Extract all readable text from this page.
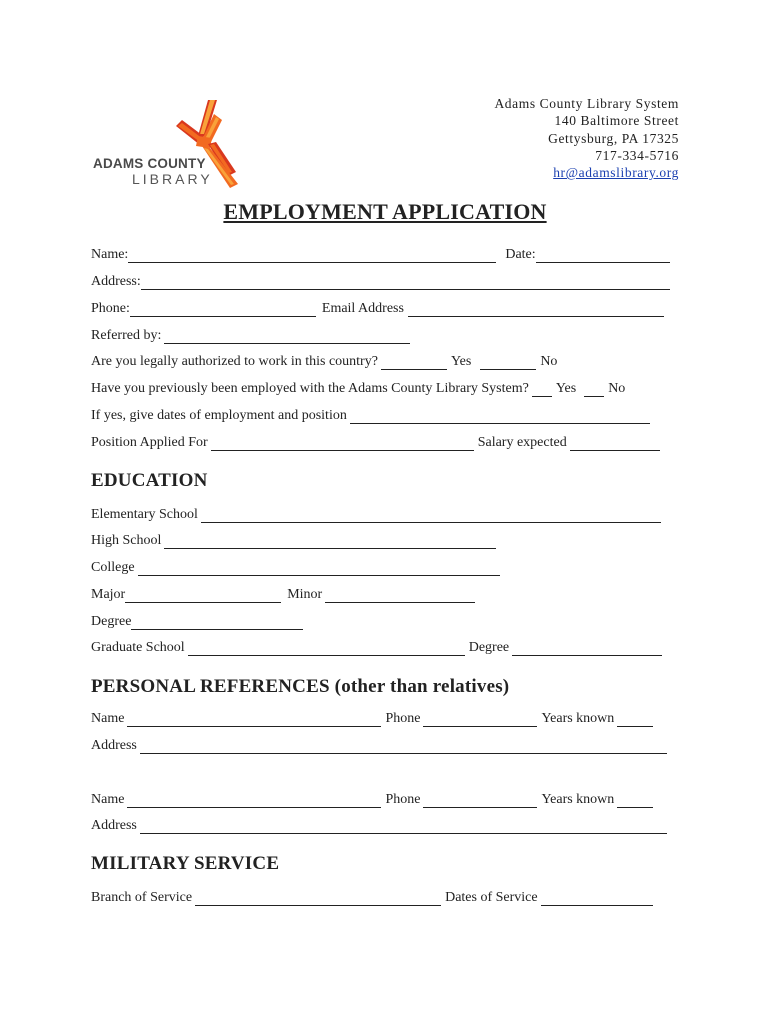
ADAMS COUNTY
LIBRARY
Adams County Library System
140 Baltimore Street
Gettysburg, PA 17325
717-334-5716
hr@adamslibrary.org
EMPLOYMENT APPLICATION
Name:	Date:
Address:
Phone:	Email Address
Referred by:
Are you legally authorized to work in this country?	Yes	No
Have you previously been employed with the Adams County Library System? Yes No
If yes, give dates of employment and position
Position Applied For	Salary expected
EDUCATION
Elementary School
High School
College
Major	Minor
Degree
Graduate School	Degree
PERSONAL REFERENCES (other than relatives)
Name	Phone	Years known
Address
Name	Phone	Years known
Address
MILITARY SERVICE
Branch of Service	Dates of Service
